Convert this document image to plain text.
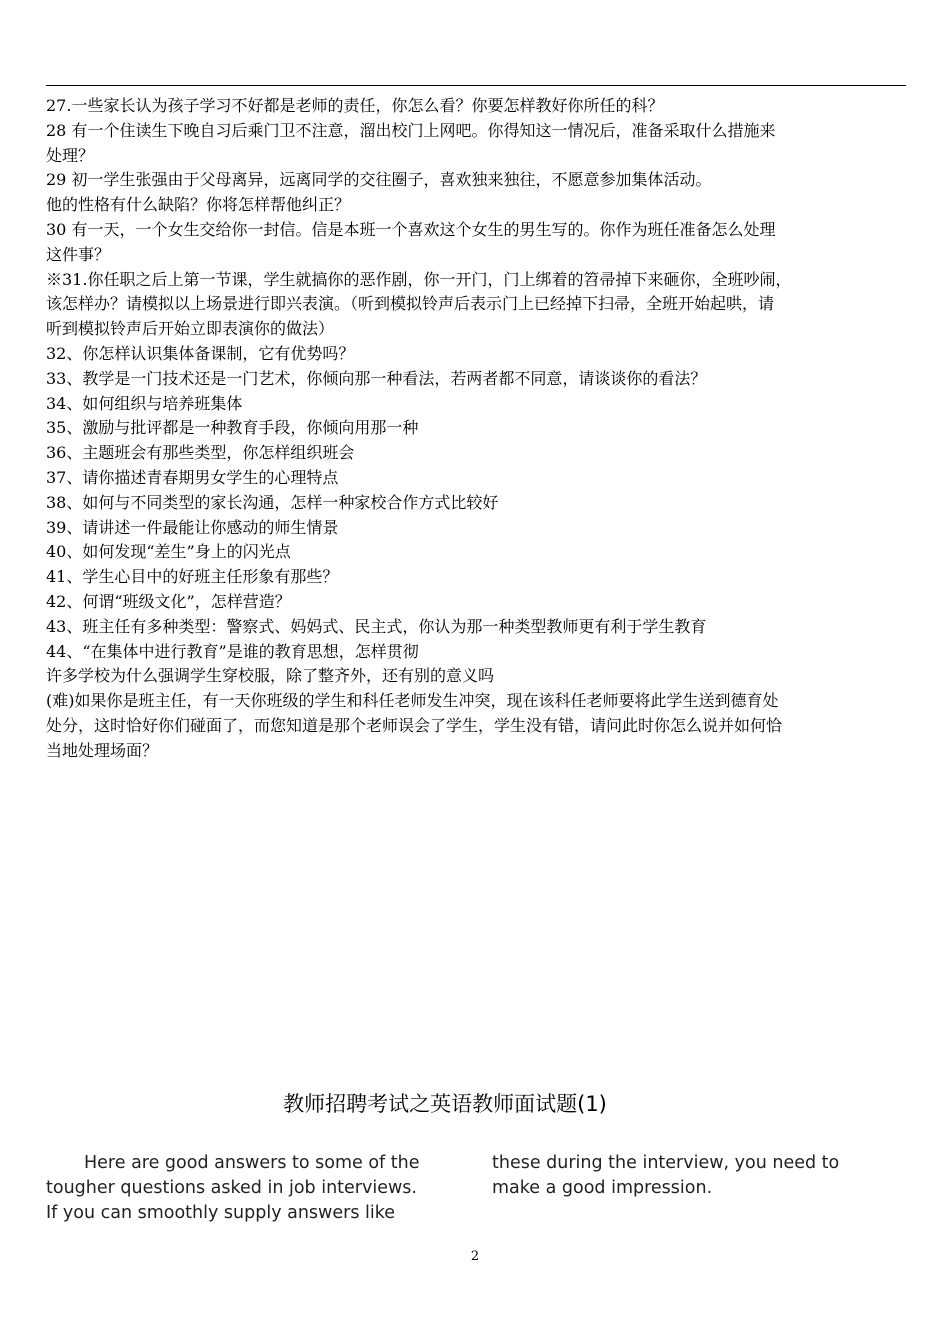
27.一些家长认为孩子学习不好都是老师的责任，你怎么看？你要怎样教好你所任的科？

28 有一个住读生下晚自习后乘门卫不注意，溜出校门上网吧。你得知这一情况后，准备采取什么措施来

处理？

29 初一学生张强由于父母离异，远离同学的交往圈子，喜欢独来独往，不愿意参加集体活动。

他的性格有什么缺陷？你将怎样帮他纠正？

30 有一天，一个女生交给你一封信。信是本班一个喜欢这个女生的男生写的。你作为班任准备怎么处理

这件事？

※31.你任职之后上第一节课，学生就搞你的恶作剧，你一开门，门上绑着的笤帚掉下来砸你，全班吵闹，

该怎样办？请模拟以上场景进行即兴表演。（听到模拟铃声后表示门上已经掉下扫帚，全班开始起哄，请

听到模拟铃声后开始立即表演你的做法）

32、你怎样认识集体备课制，它有优势吗？

33、教学是一门技术还是一门艺术，你倾向那一种看法，若两者都不同意，请谈谈你的看法？

34、如何组织与培养班集体

35、激励与批评都是一种教育手段，你倾向用那一种

36、主题班会有那些类型，你怎样组织班会

37、请你描述青春期男女学生的心理特点

38、如何与不同类型的家长沟通，怎样一种家校合作方式比较好

39、请讲述一件最能让你感动的师生情景

40、如何发现“差生”身上的闪光点

41、学生心目中的好班主任形象有那些？

42、何谓“班级文化”，怎样营造？

43、班主任有多种类型：警察式、妈妈式、民主式，你认为那一种类型教师更有利于学生教育

44、“在集体中进行教育”是谁的教育思想，怎样贯彻

许多学校为什么强调学生穿校服，除了整齐外，还有别的意义吗

(难)如果你是班主任，有一天你班级的学生和科任老师发生冲突，现在该科任老师要将此学生送到德育处

处分，这时恰好你们碰面了，而您知道是那个老师误会了学生，学生没有错，请问此时你怎么说并如何恰

当地处理场面？

教师招聘考试之英语教师面试题(1)

Here are good answers to some of the

tougher questions asked in job interviews.

If you can smoothly supply answers like

these during the interview, you need to

make a good impression.

2
